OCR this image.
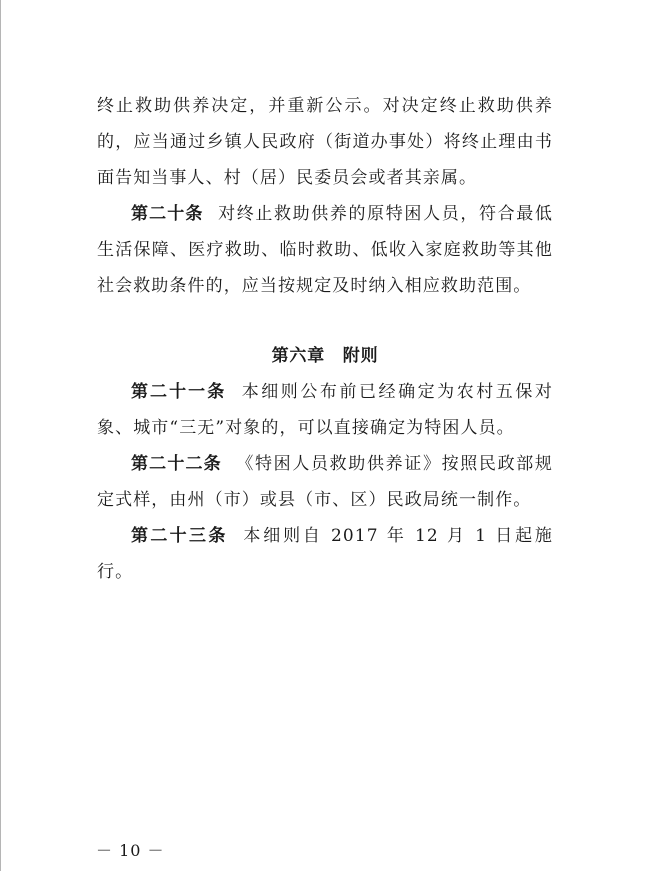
终止救助供养决定，并重新公示。对决定终止救助供养的，应当通过乡镇人民政府（街道办事处）将终止理由书面告知当事人、村（居）民委员会或者其亲属。

第二十条 对终止救助供养的原特困人员，符合最低生活保障、医疗救助、临时救助、低收入家庭救助等其他社会救助条件的，应当按规定及时纳入相应救助范围。

第六章　附则

第二十一条 本细则公布前已经确定为农村五保对象、城市“三无”对象的，可以直接确定为特困人员。

第二十二条 《特困人员救助供养证》按照民政部规定式样，由州（市）或县（市、区）民政局统一制作。

第二十三条 本细则自 2017 年 12 月 1 日起施行。

－ 10 －
